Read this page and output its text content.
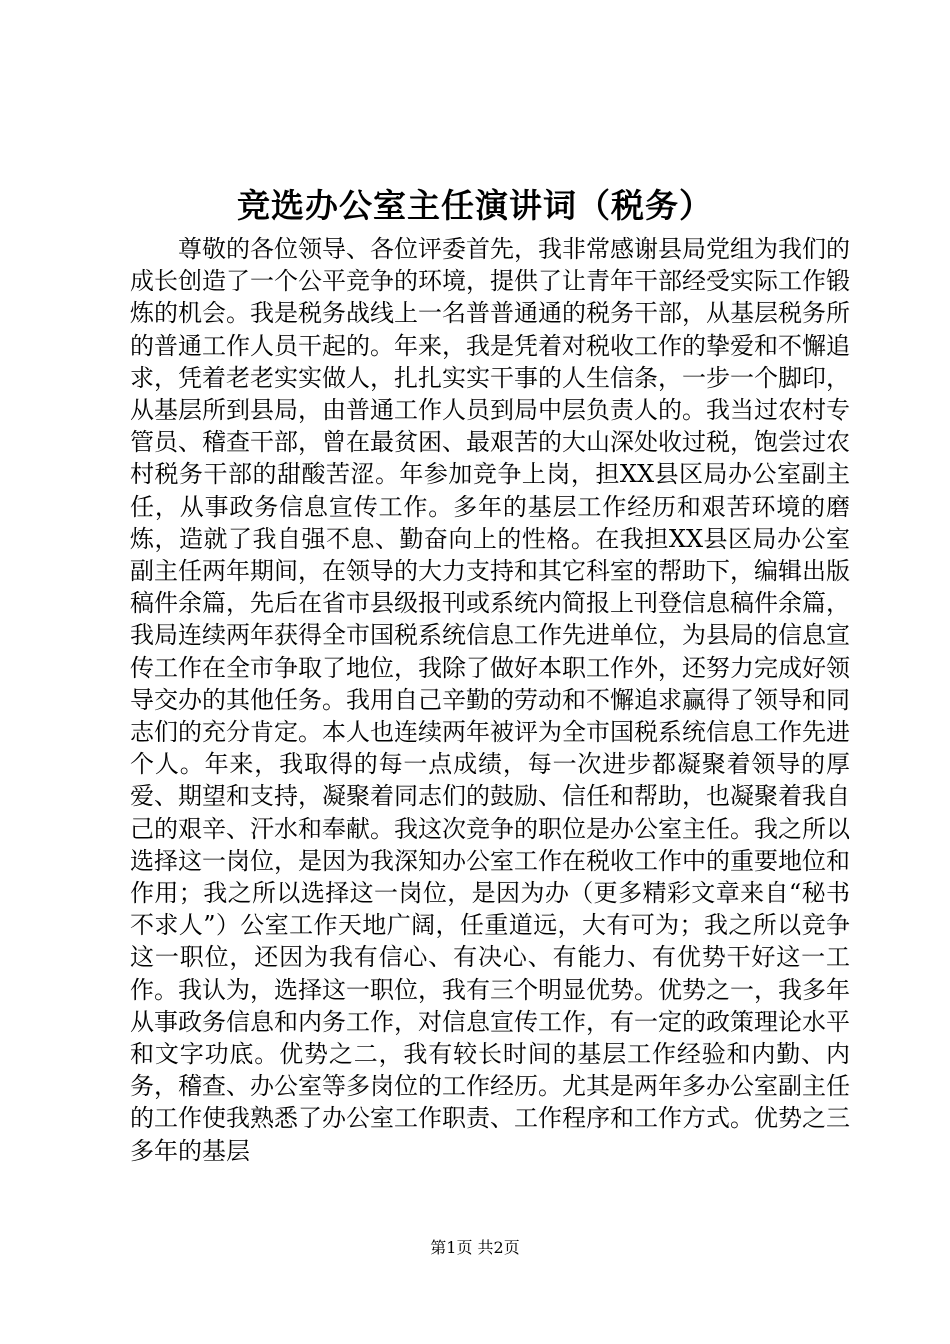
竞选办公室主任演讲词（税务）

尊敬的各位领导、各位评委首先，我非常感谢县局党组为我们的成长创造了一个公平竞争的环境，提供了让青年干部经受实际工作锻炼的机会。我是税务战线上一名普普通通的税务干部，从基层税务所的普通工作人员干起的。年来，我是凭着对税收工作的挚爱和不懈追求，凭着老老实实做人，扎扎实实干事的人生信条，一步一个脚印，从基层所到县局，由普通工作人员到局中层负责人的。我当过农村专管员、稽查干部，曾在最贫困、最艰苦的大山深处收过税，饱尝过农村税务干部的甜酸苦涩。年参加竞争上岗，担XX县区局办公室副主任，从事政务信息宣传工作。多年的基层工作经历和艰苦环境的磨炼，造就了我自强不息、勤奋向上的性格。在我担XX县区局办公室副主任两年期间，在领导的大力支持和其它科室的帮助下，编辑出版稿件余篇，先后在省市县级报刊或系统内简报上刊登信息稿件余篇，我局连续两年获得全市国税系统信息工作先进单位，为县局的信息宣传工作在全市争取了地位，我除了做好本职工作外，还努力完成好领导交办的其他任务。我用自己辛勤的劳动和不懈追求赢得了领导和同志们的充分肯定。本人也连续两年被评为全市国税系统信息工作先进个人。年来，我取得的每一点成绩，每一次进步都凝聚着领导的厚爱、期望和支持，凝聚着同志们的鼓励、信任和帮助，也凝聚着我自己的艰辛、汗水和奉献。我这次竞争的职位是办公室主任。我之所以选择这一岗位，是因为我深知办公室工作在税收工作中的重要地位和作用；我之所以选择这一岗位，是因为办（更多精彩文章来自“秘书不求人”）公室工作天地广阔，任重道远，大有可为；我之所以竞争这一职位，还因为我有信心、有决心、有能力、有优势干好这一工作。我认为，选择这一职位，我有三个明显优势。优势之一，我多年从事政务信息和内务工作，对信息宣传工作，有一定的政策理论水平和文字功底。优势之二，我有较长时间的基层工作经验和内勤、内务，稽查、办公室等多岗位的工作经历。尤其是两年多办公室副主任的工作使我熟悉了办公室工作职责、工作程序和工作方式。优势之三多年的基层

第1页 共2页
